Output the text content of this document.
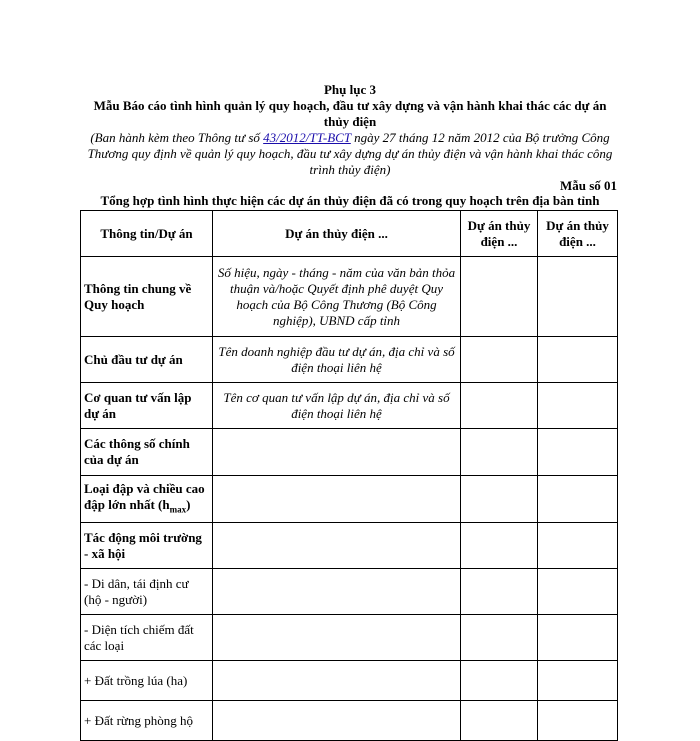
Phụ lục 3
Mẫu Báo cáo tình hình quản lý quy hoạch, đầu tư xây dựng và vận hành khai thác các dự án thủy điện
(Ban hành kèm theo Thông tư số 43/2012/TT-BCT ngày 27 tháng 12 năm 2012 của Bộ trưởng Công Thương quy định về quản lý quy hoạch, đầu tư xây dựng dự án thủy điện và vận hành khai thác công trình thủy điện)
Mẫu số 01
Tổng hợp tình hình thực hiện các dự án thủy điện đã có trong quy hoạch trên địa bàn tỉnh
Thông tin/Dự án	Dự án thủy điện ...	Dự án thủy điện ...	Dự án thủy điện ...
Thông tin chung về Quy hoạch	Số hiệu, ngày - tháng - năm của văn bản thỏa thuận và/hoặc Quyết định phê duyệt Quy hoạch của Bộ Công Thương (Bộ Công nghiệp), UBND cấp tỉnh		
Chủ đầu tư dự án	Tên doanh nghiệp đầu tư dự án, địa chỉ và số điện thoại liên hệ		
Cơ quan tư vấn lập dự án	Tên cơ quan tư vấn lập dự án, địa chỉ và số điện thoại liên hệ		
Các thông số chính của dự án			
Loại đập và chiều cao đập lớn nhất $(h_{max})$			
Tác động môi trường - xã hội			
- Di dân, tái định cư (hộ - người)			
- Diện tích chiếm đất các loại			
+ Đất trồng lúa (ha)			
+ Đất rừng phòng hộ			
